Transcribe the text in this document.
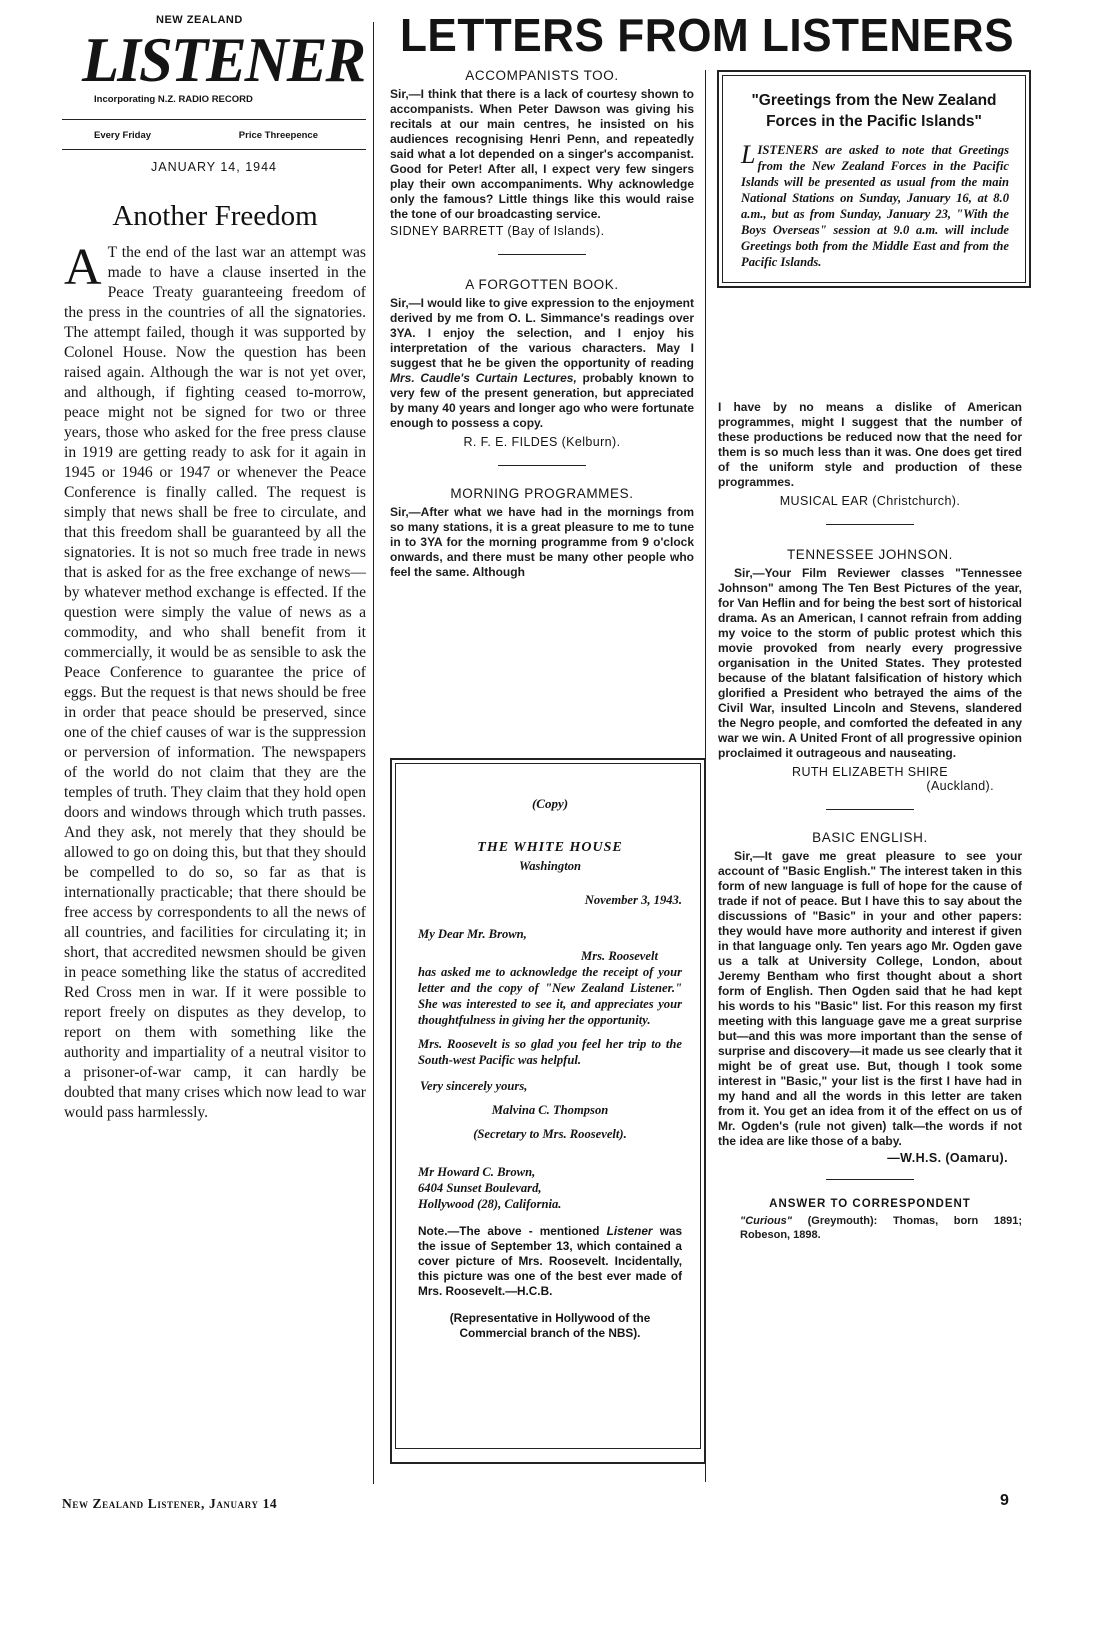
NEW ZEALAND
LISTENER
Incorporating N.Z. RADIO RECORD
Every Friday	Price Threepence
JANUARY 14, 1944
Another Freedom
A T the end of the last war an attempt was made to have a clause inserted in the Peace Treaty guaranteeing freedom of the press in the countries of all the signatories. The attempt failed, though it was supported by Colonel House. Now the question has been raised again. Although the war is not yet over, and although, if fighting ceased to-morrow, peace might not be signed for two or three years, those who asked for the free press clause in 1919 are getting ready to ask for it again in 1945 or 1946 or 1947 or whenever the Peace Conference is finally called. The request is simply that news shall be free to circulate, and that this freedom shall be guaranteed by all the signatories. It is not so much free trade in news that is asked for as the free exchange of news—by whatever method exchange is effected. If the question were simply the value of news as a commodity, and who shall benefit from it commercially, it would be as sensible to ask the Peace Conference to guarantee the price of eggs. But the request is that news should be free in order that peace should be preserved, since one of the chief causes of war is the suppression or perversion of information. The newspapers of the world do not claim that they are the temples of truth. They claim that they hold open doors and windows through which truth passes. And they ask, not merely that they should be allowed to go on doing this, but that they should be compelled to do so, so far as that is internationally practicable; that there should be free access by correspondents to all the news of all countries, and facilities for circulating it; in short, that accredited newsmen should be given in peace something like the status of accredited Red Cross men in war. If it were possible to report freely on disputes as they develop, to report on them with something like the authority and impartiality of a neutral visitor to a prisoner-of-war camp, it can hardly be doubted that many crises which now lead to war would pass harmlessly.
New Zealand Listener, January 14	9
LETTERS FROM LISTENERS
ACCOMPANISTS TOO.

Sir,—I think that there is a lack of courtesy shown to accompanists. When Peter Dawson was giving his recitals at our main centres, he insisted on his audiences recognising Henri Penn, and repeatedly said what a lot depended on a singer's accompanist. Good for Peter! After all, I expect very few singers play their own accompaniments. Why acknowledge only the famous? Little things like this would raise the tone of our broadcasting service.

SIDNEY BARRETT (Bay of Islands).
A FORGOTTEN BOOK.

Sir,—I would like to give expression to the enjoyment derived by me from O. L. Simmance's readings over 3YA. I enjoy the selection, and I enjoy his interpretation of the various characters. May I suggest that he be given the opportunity of reading Mrs. Caudle's Curtain Lectures, probably known to very few of the present generation, but appreciated by many 40 years and longer ago who were fortunate enough to possess a copy.

R. F. E. FILDES (Kelburn).
MORNING PROGRAMMES.

Sir,—After what we have had in the mornings from so many stations, it is a great pleasure to me to tune in to 3YA for the morning programme from 9 o'clock onwards, and there must be many other people who feel the same. Although

(Copy)
THE WHITE HOUSE
Washington
November 3, 1943.
My Dear Mr. Brown,
Mrs. Roosevelt

has asked me to acknowledge the receipt of your letter and the copy of "New Zealand Listener." She was interested to see it, and appreciates your thoughtfulness in giving her the opportunity.

Mrs. Roosevelt is so glad you feel her trip to the South-west Pacific was helpful.

Very sincerely yours,
Malvina C. Thompson
(Secretary to Mrs. Roosevelt).
Mr Howard C. Brown,
6404 Sunset Boulevard,
Hollywood (28), California.

Note.—The above - mentioned Listener was the issue of September 13, which contained a cover picture of Mrs. Roosevelt. Incidentally, this picture was one of the best ever made of Mrs. Roosevelt.—H.C.B.

(Representative in Hollywood of the Commercial branch of the NBS).

"Greetings from the New Zealand Forces in the Pacific Islands"
LISTENERS are asked to note that Greetings from the New Zealand Forces in the Pacific Islands will be presented as usual from the main National Stations on Sunday, January 16, at 8.0 a.m., but as from Sunday, January 23, "With the Boys Overseas" session at 9.0 a.m. will include Greetings both from the Middle East and from the Pacific Islands.

I have by no means a dislike of American programmes, might I suggest that the number of these productions be reduced now that the need for them is so much less than it was. One does get tired of the uniform style and production of these programmes.

MUSICAL EAR (Christchurch).
TENNESSEE JOHNSON.

Sir,—Your Film Reviewer classes "Tennessee Johnson" among The Ten Best Pictures of the year, for Van Heflin and for being the best sort of historical drama. As an American, I cannot refrain from adding my voice to the storm of public protest which this movie provoked from nearly every progressive organisation in the United States. They protested because of the blatant falsification of history which glorified a President who betrayed the aims of the Civil War, insulted Lincoln and Stevens, slandered the Negro people, and comforted the defeated in any war we win. A United Front of all progressive opinion proclaimed it outrageous and nauseating.

RUTH ELIZABETH SHIRE
(Auckland).
BASIC ENGLISH.

Sir,—It gave me great pleasure to see your account of "Basic English." The interest taken in this form of new language is full of hope for the cause of trade if not of peace. But I have this to say about the discussions of "Basic" in your and other papers: they would have more authority and interest if given in that language only. Ten years ago Mr. Ogden gave us a talk at University College, London, about Jeremy Bentham who first thought about a short form of English. Then Ogden said that he had kept his words to his "Basic" list. For this reason my first meeting with this language gave me a great surprise but—and this was more important than the sense of surprise and discovery—it made us see clearly that it might be of great use. But, though I took some interest in "Basic," your list is the first I have had in my hand and all the words in this letter are taken from it. You get an idea from it of the effect on us of Mr. Ogden's (rule not given) talk—the words if not the idea are like those of a baby.

—W.H.S. (Oamaru).
ANSWER TO CORRESPONDENT

"Curious" (Greymouth): Thomas, born 1891; Robeson, 1898.
